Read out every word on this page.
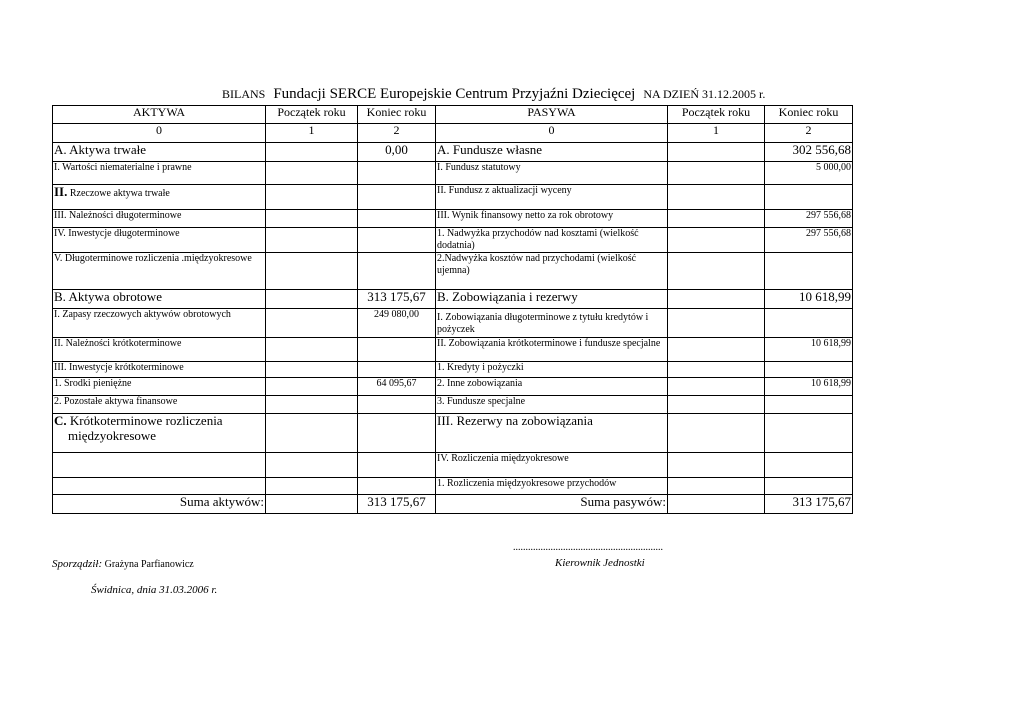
BILANS Fundacji SERCE Europejskie Centrum Przyjaźni Dziecięcej NA DZIEŃ 31.12.2005 r.
AKTYWA	Początek roku	Koniec roku	PASYWA	Początek roku	Koniec roku
0	1	2	0	1	2
A. Aktywa trwałe		0,00	A. Fundusze własne		302 556,68
I. Wartości niematerialne i prawne			I. Fundusz statutowy		5 000,00
II. Rzeczowe aktywa trwałe			II. Fundusz z aktualizacji wyceny		
III. Należności długoterminowe			III. Wynik finansowy netto za rok obrotowy		297 556,68
IV. Inwestycje długoterminowe			1. Nadwyżka przychodów nad kosztami (wielkość dodatnia)		297 556,68
V. Długoterminowe rozliczenia .międzyokresowe			2.Nadwyżka kosztów nad przychodami (wielkość ujemna)		
B. Aktywa obrotowe		313 175,67	B. Zobowiązania i rezerwy		10 618,99
I. Zapasy rzeczowych aktywów obrotowych		249 080,00	I. Zobowiązania długoterminowe z tytułu kredytów i pożyczek		
II. Należności krótkoterminowe			II. Zobowiązania krótkoterminowe i fundusze specjalne		10 618,99
III. Inwestycje krótkoterminowe			1. Kredyty i pożyczki		
1. Środki pieniężne		64 095,67	2. Inne zobowiązania		10 618,99
2. Pozostałe aktywa finansowe			3. Fundusze specjalne		
C. Krótkoterminowe rozliczenia
międzyokresowe			III. Rezerwy na zobowiązania		
			IV. Rozliczenia międzyokresowe		
			1. Rozliczenia międzyokresowe przychodów		
Suma aktywów:		313 175,67	Suma pasywów:		313 175,67
............................................................
Sporządził: Grażyna Parfianowicz	Kierownik Jednostki
Świdnica, dnia 31.03.2006 r.
